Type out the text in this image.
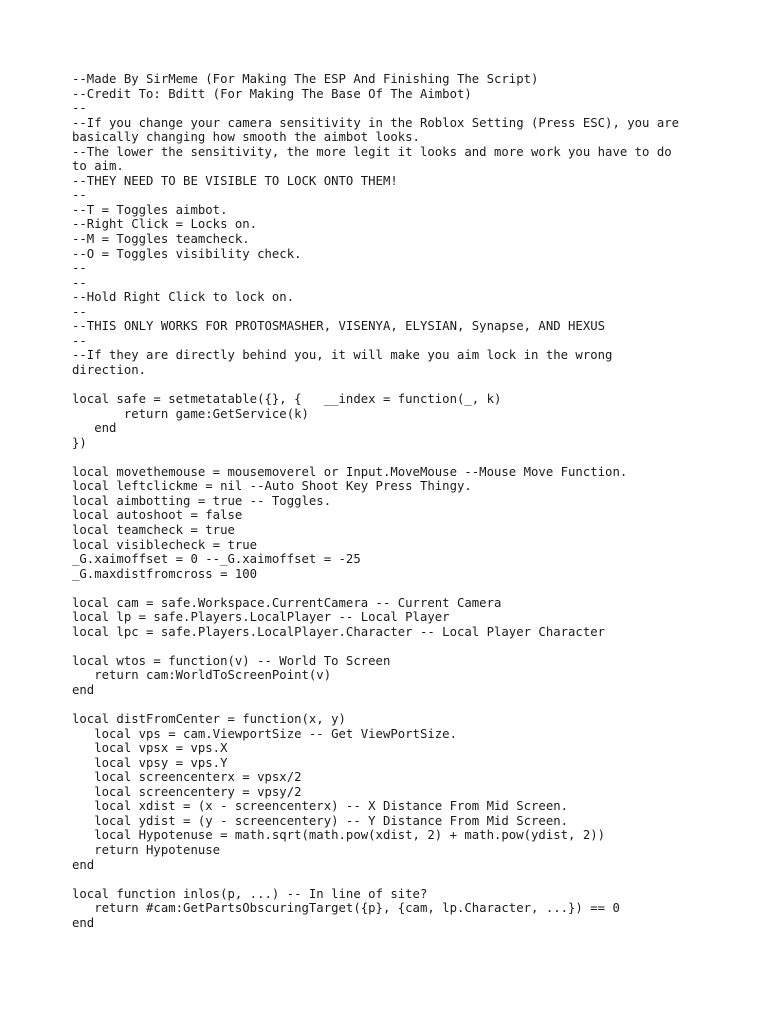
--Made By SirMeme (For Making The ESP And Finishing The Script)
--Credit To: Bditt (For Making The Base Of The Aimbot)
--
--If you change your camera sensitivity in the Roblox Setting (Press ESC), you are
basically changing how smooth the aimbot looks.
--The lower the sensitivity, the more legit it looks and more work you have to do
to aim.
--THEY NEED TO BE VISIBLE TO LOCK ONTO THEM!
--
--T = Toggles aimbot.
--Right Click = Locks on.
--M = Toggles teamcheck.
--O = Toggles visibility check.
--
--
--Hold Right Click to lock on.
--
--THIS ONLY WORKS FOR PROTOSMASHER, VISENYA, ELYSIAN, Synapse, AND HEXUS
--
--If they are directly behind you, it will make you aim lock in the wrong
direction.
local safe = setmetatable({}, {   __index = function(_, k)
return game:GetService(k)
end
})
local movethemouse = mousemoverel or Input.MoveMouse --Mouse Move Function.
local leftclickme = nil --Auto Shoot Key Press Thingy.
local aimbotting = true -- Toggles.
local autoshoot = false
local teamcheck = true
local visiblecheck = true
_G.xaimoffset = 0 --_G.xaimoffset = -25
_G.maxdistfromcross = 100
local cam = safe.Workspace.CurrentCamera -- Current Camera
local lp = safe.Players.LocalPlayer -- Local Player
local lpc = safe.Players.LocalPlayer.Character -- Local Player Character
local wtos = function(v) -- World To Screen
return cam:WorldToScreenPoint(v)
end
local distFromCenter = function(x, y)
local vps = cam.ViewportSize -- Get ViewPortSize.
local vpsx = vps.X
local vpsy = vps.Y
local screencenterx = vpsx/2
local screencentery = vpsy/2
local xdist = (x - screencenterx) -- X Distance From Mid Screen.
local ydist = (y - screencentery) -- Y Distance From Mid Screen.
local Hypotenuse = math.sqrt(math.pow(xdist, 2) + math.pow(ydist, 2))
return Hypotenuse
end
local function inlos(p, ...) -- In line of site?
return #cam:GetPartsObscuringTarget({p}, {cam, lp.Character, ...}) == 0
end
